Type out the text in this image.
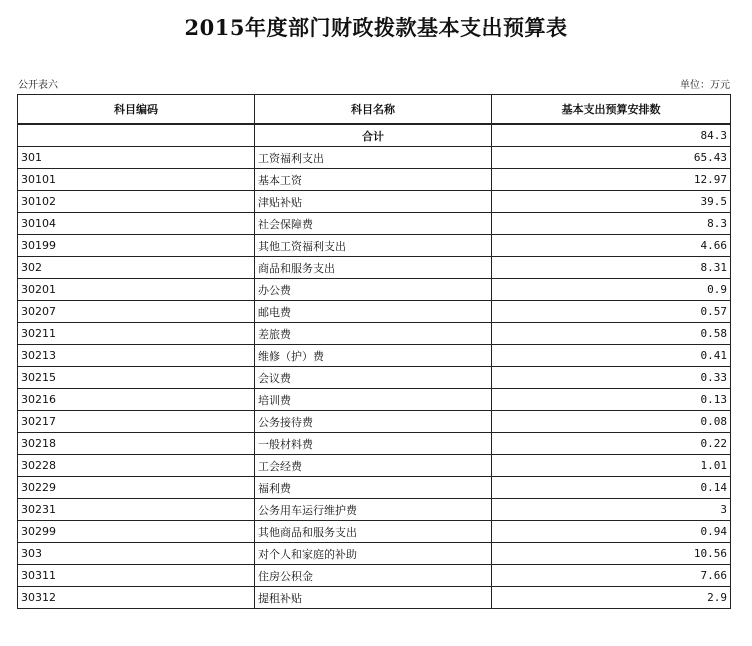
2015年度部门财政拨款基本支出预算表
公开表六	单位：万元
科目编码	科目名称	基本支出预算安排数
	合计	84.3
301	工资福利支出	65.43
30101	基本工资	12.97
30102	津贴补贴	39.5
30104	社会保障费	8.3
30199	其他工资福利支出	4.66
302	商品和服务支出	8.31
30201	办公费	0.9
30207	邮电费	0.57
30211	差旅费	0.58
30213	维修（护）费	0.41
30215	会议费	0.33
30216	培训费	0.13
30217	公务接待费	0.08
30218	一般材料费	0.22
30228	工会经费	1.01
30229	福利费	0.14
30231	公务用车运行维护费	3
30299	其他商品和服务支出	0.94
303	对个人和家庭的补助	10.56
30311	住房公积金	7.66
30312	提租补贴	2.9
